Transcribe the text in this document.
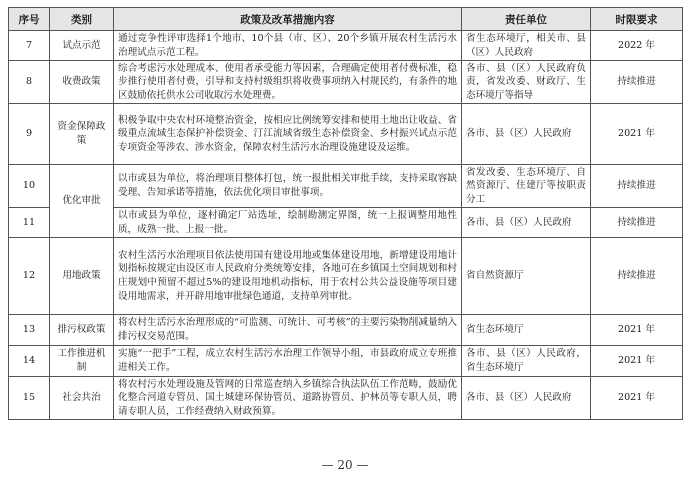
序号	类别	政策及改革措施内容	责任单位	时限要求
7	试点示范	通过竞争性评审选择1个地市、10个县（市、区）、20个乡镇开展农村生活污水治理试点示范工程。	省生态环境厅，相关市、县（区）人民政府	2022 年
8	收费政策	综合考虑污水处理成本、使用者承受能力等因素，合理确定使用者付费标准，稳步推行使用者付费，引导和支持村级组织将收费事项纳入村规民约，有条件的地区鼓励依托供水公司收取污水处理费。	各市、县（区）人民政府负责，省发改委、财政厅、生态环境厅等指导	持续推进
9	资金保障政策	积极争取中央农村环境整治资金，按相应比例统筹安排和使用土地出让收益、省级重点流域生态保护补偿资金、汀江流域省级生态补偿资金、乡村振兴试点示范专项资金等涉农、涉水资金，保障农村生活污水治理设施建设及运维。	各市、县（区）人民政府	2021 年
10	优化审批	以市或县为单位，将治理项目整体打包，统一报批相关审批手续，支持采取容缺受理、告知承诺等措施，依法优化项目审批事项。	省发改委、生态环境厅、自然资源厅、住建厅等按职责分工	持续推进
11		以市或县为单位，逐村确定厂站选址，绘制勘测定界图，统一上报调整用地性质，成熟一批、上报一批。	各市、县（区）人民政府	持续推进
12	用地政策	农村生活污水治理项目依法使用国有建设用地或集体建设用地，新增建设用地计划指标按规定由设区市人民政府分类统筹安排，各地可在乡镇国土空间规划和村庄规划中预留不超过5%的建设用地机动指标，用于农村公共公益设施等项目建设用地需求，并开辟用地审批绿色通道，支持单列审批。	省自然资源厅	持续推进
13	排污权政策	将农村生活污水治理形成的“可监测、可统计、可考核”的主要污染物削减量纳入排污权交易范围。	省生态环境厅	2021 年
14	工作推进机制	实施“一把手”工程，成立农村生活污水治理工作领导小组，市县政府成立专班推进相关工作。	各市、县（区）人民政府，省生态环境厅	2021 年
15	社会共治	将农村污水处理设施及管网的日常巡查纳入乡镇综合执法队伍工作范畴，鼓励优化整合河道专管员、国土城建环保协管员、道路协管员、护林员等专职人员，聘请专职人员，工作经费纳入财政预算。	各市、县（区）人民政府	2021 年
— 20 —
